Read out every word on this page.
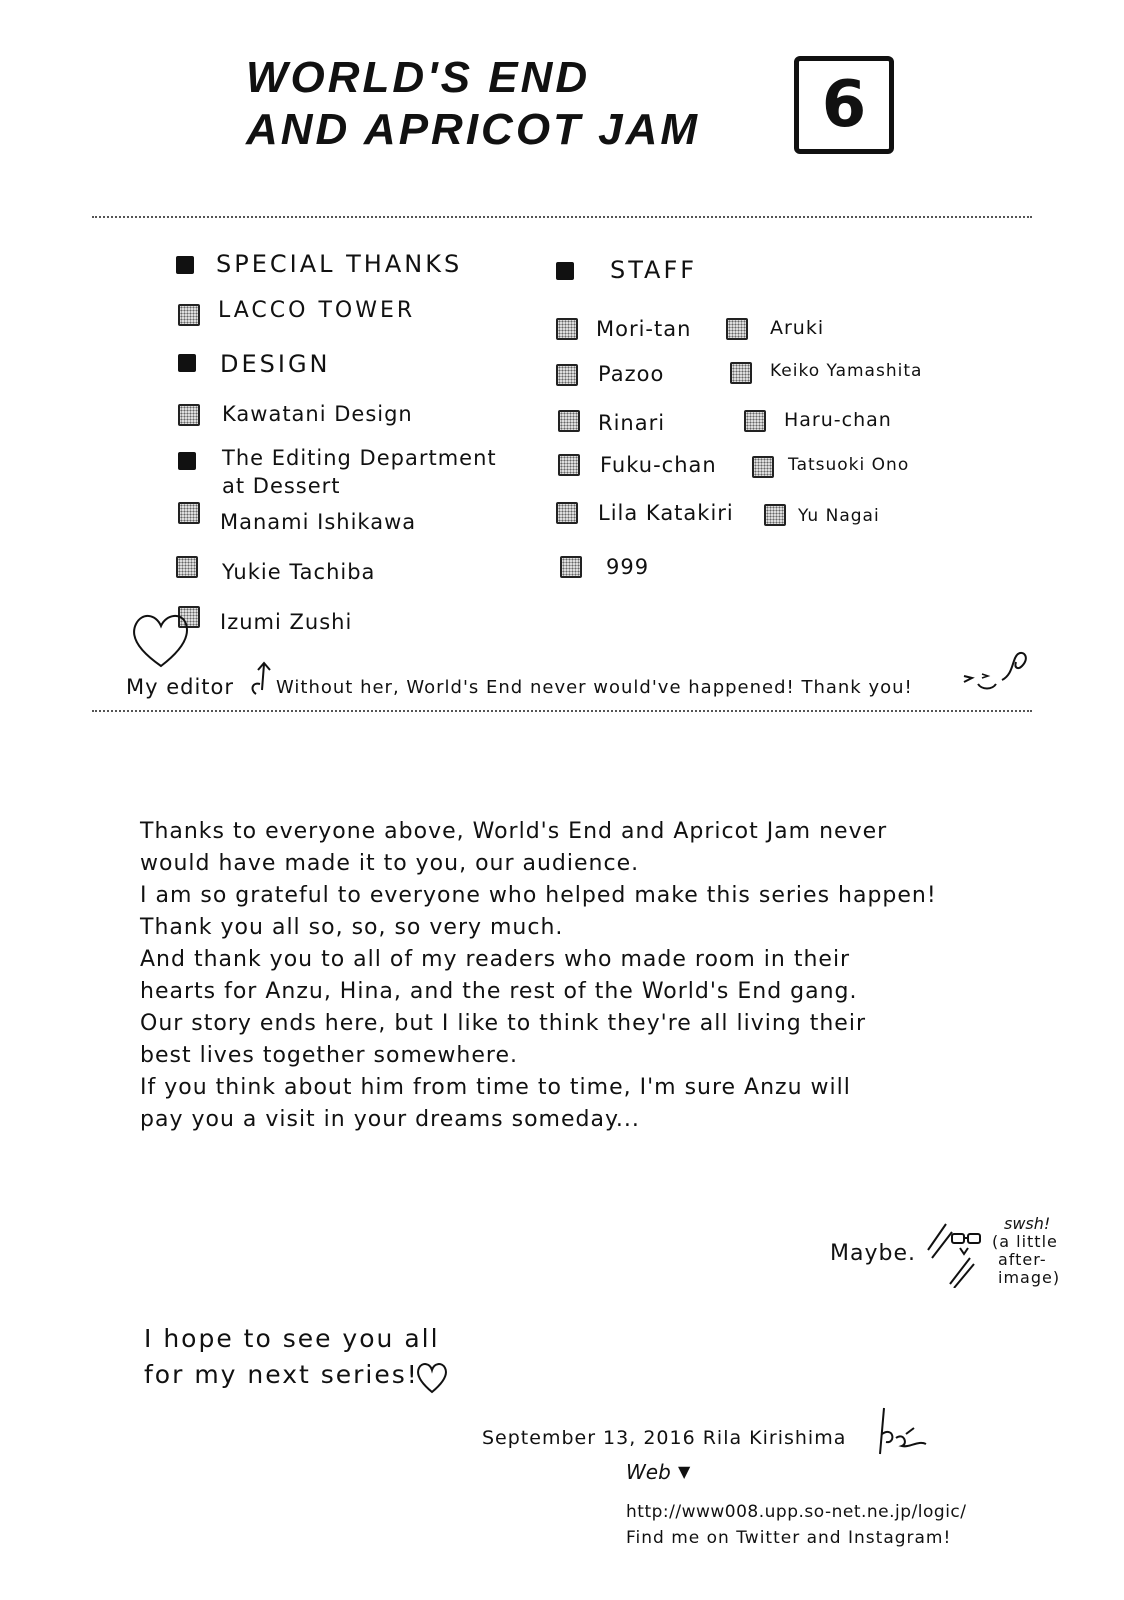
WORLD'S END
AND APRICOT JAM 6
SPECIAL THANKS
LACCO TOWER
DESIGN
Kawatani Design
The Editing Department
at Dessert
Manami Ishikawa
Yukie Tachiba
Izumi Zushi
STAFF
Mori-tan
Pazoo
Rinari
Fuku-chan
Lila Katakiri
999
Aruki
Keiko Yamashita
Haru-chan
Tatsuoki Ono
Yu Nagai
My editor Without her, World's End never would've happened! Thank you!
Thanks to everyone above, World's End and Apricot Jam never
would have made it to you, our audience.
I am so grateful to everyone who helped make this series happen!
Thank you all so, so, so very much.
And thank you to all of my readers who made room in their
hearts for Anzu, Hina, and the rest of the World's End gang.
Our story ends here, but I like to think they're all living their
best lives together somewhere.
If you think about him from time to time, I'm sure Anzu will
pay you a visit in your dreams someday...
Maybe.
swsh!
(a little
after-
image)
I hope to see you all
for my next series!
September 13, 2016 Rila Kirishima
Web ▼
http://www008.upp.so-net.ne.jp/logic/
Find me on Twitter and Instagram!
